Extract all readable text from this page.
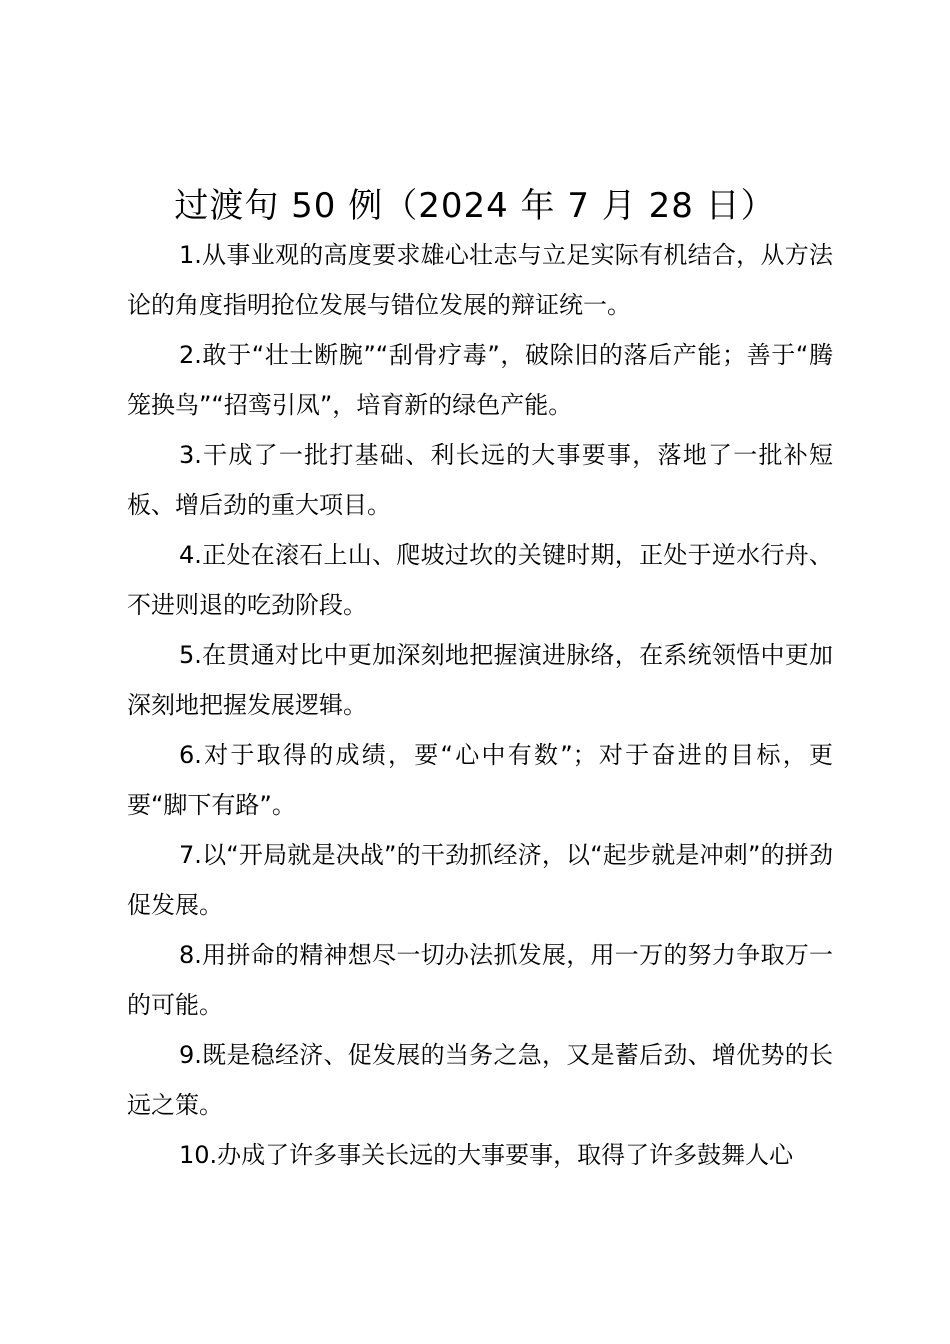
过渡句 50 例（2024 年 7 月 28 日）

1.从事业观的高度要求雄心壮志与立足实际有机结合，从方法论的角度指明抢位发展与错位发展的辩证统一。

2.敢于“壮士断腕”“刮骨疗毒”，破除旧的落后产能；善于“腾笼换鸟”“招鸾引凤”，培育新的绿色产能。

3.干成了一批打基础、利长远的大事要事，落地了一批补短板、增后劲的重大项目。

4.正处在滚石上山、爬坡过坎的关键时期，正处于逆水行舟、不进则退的吃劲阶段。

5.在贯通对比中更加深刻地把握演进脉络，在系统领悟中更加深刻地把握发展逻辑。

6.对于取得的成绩，要“心中有数”；对于奋进的目标，更要“脚下有路”。

7.以“开局就是决战”的干劲抓经济，以“起步就是冲刺”的拼劲促发展。

8.用拼命的精神想尽一切办法抓发展，用一万的努力争取万一的可能。

9.既是稳经济、促发展的当务之急，又是蓄后劲、增优势的长远之策。

10.办成了许多事关长远的大事要事，取得了许多鼓舞人心
